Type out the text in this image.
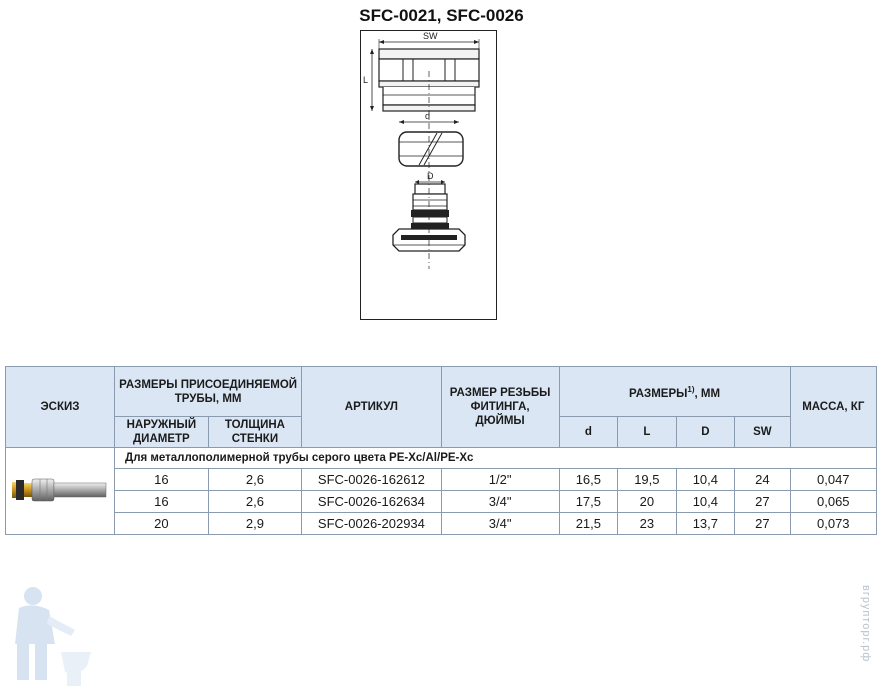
SFC-0021, SFC-0026
SW
L
d
D
ЭСКИЗ	РАЗМЕРЫ ПРИСОЕДИНЯЕМОЙ ТРУБЫ, ММ		АРТИКУЛ	РАЗМЕР РЕЗЬБЫ ФИТИНГА, ДЮЙМЫ	РАЗМЕРЫ$^{1)}$, ММ				МАССА, КГ
	НАРУЖНЫЙ ДИАМЕТР	ТОЛЩИНА СТЕНКИ			d	L	D	SW	
	Для металлополимерной трубы серого цвета PE-Xc/Al/PE-Xc								
	16	2,6	SFC-0026-162612	1/2"	16,5	19,5	10,4	24	0,047
	16	2,6	SFC-0026-162634	3/4"	17,5	20	10,4	27	0,065
	20	2,9	SFC-0026-202934	3/4"	21,5	23	13,7	27	0,073
вгрупторг.рф
